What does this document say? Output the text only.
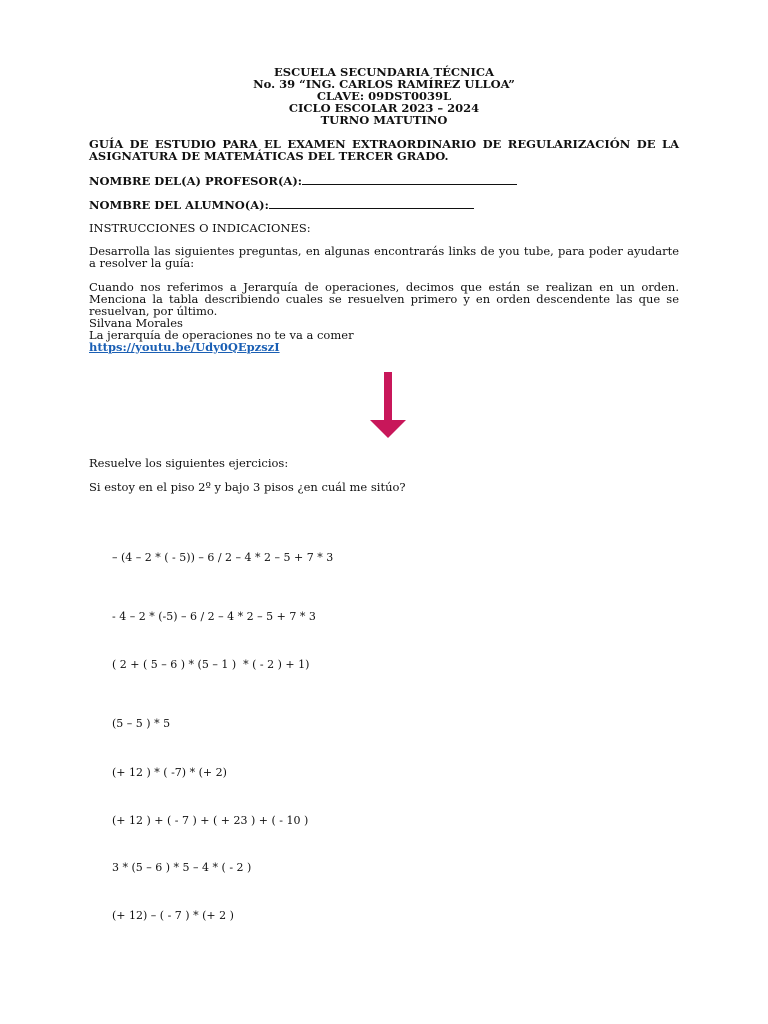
ESCUELA SECUNDARIA TÉCNICA
No. 39 “ING. CARLOS RAMÍREZ ULLOA”
CLAVE: 09DST0039L
CICLO ESCOLAR 2023 – 2024
TURNO MATUTINO
GUÍA DE ESTUDIO PARA EL EXAMEN EXTRAORDINARIO DE REGULARIZACIÓN DE LA ASIGNATURA DE MATEMÁTICAS DEL TERCER GRADO.
NOMBRE DEL(A) PROFESOR(A):
NOMBRE DEL ALUMNO(A):
INSTRUCCIONES O INDICACIONES:
Desarrolla las siguientes preguntas, en algunas encontrarás links de you tube, para poder ayudarte a resolver la guía:
Cuando nos referimos a Jerarquía de operaciones, decimos que están se realizan en un orden. Menciona la tabla describiendo cuales se resuelven primero y en orden descendente las que se resuelvan, por último.
Silvana Morales
La jerarquía de operaciones no te va a comer
https://youtu.be/Udy0QEpzszI
Resuelve los siguientes ejercicios:
Si estoy en el piso 2º y bajo 3 pisos ¿en cuál me sitúo?
– (4 – 2 * ( - 5)) – 6 / 2 – 4 * 2 – 5 + 7 * 3
- 4 – 2 * (-5) – 6 / 2 – 4 * 2 – 5 + 7 * 3
( 2 + ( 5 – 6 ) * (5 – 1 )  * ( - 2 ) + 1)
(5 – 5 ) * 5
(+ 12 ) * ( -7) * (+ 2)
(+ 12 ) + ( - 7 ) + ( + 23 ) + ( - 10 )
3 * (5 – 6 ) * 5 – 4 * ( - 2 )
(+ 12) – ( - 7 ) * (+ 2 )
